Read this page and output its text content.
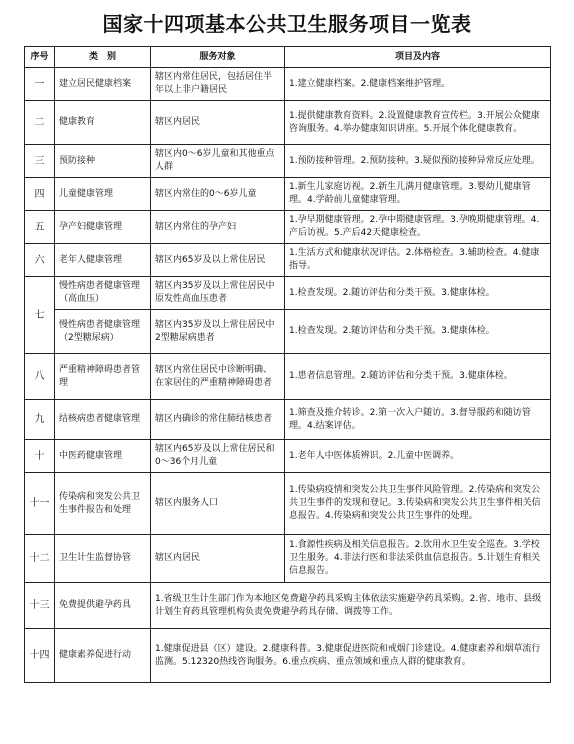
国家十四项基本公共卫生服务项目一览表
序号	类　别	服务对象	项目及内容
一	建立居民健康档案	辖区内常住居民，包括居住半年以上非户籍居民	1.建立健康档案。2.健康档案维护管理。
二	健康教育	辖区内居民	1.提供健康教育资料。2.设置健康教育宣传栏。3.开展公众健康咨询服务。4.举办健康知识讲座。5.开展个体化健康教育。
三	预防接种	辖区内0～6岁儿童和其他重点人群	1.预防接种管理。2.预防接种。3.疑似预防接种异常反应处理。
四	儿童健康管理	辖区内常住的0～6岁儿童	1.新生儿家庭访视。2.新生儿满月健康管理。3.婴幼儿健康管理。4.学龄前儿童健康管理。
五	孕产妇健康管理	辖区内常住的孕产妇	1.孕早期健康管理。2.孕中期健康管理。3.孕晚期健康管理。4.产后访视。5.产后42天健康检查。
六	老年人健康管理	辖区内65岁及以上常住居民	1.生活方式和健康状况评估。2.体格检查。3.辅助检查。4.健康指导。
七	慢性病患者健康管理（高血压）	辖区内35岁及以上常住居民中原发性高血压患者	1.检查发现。2.随访评估和分类干预。3.健康体检。
	慢性病患者健康管理（2型糖尿病）	辖区内35岁及以上常住居民中2型糖尿病患者	1.检查发现。2.随访评估和分类干预。3.健康体检。
八	严重精神障碍患者管理	辖区内常住居民中诊断明确、在家居住的严重精神障碍患者	1.患者信息管理。2.随访评估和分类干预。3.健康体检。
九	结核病患者健康管理	辖区内确诊的常住肺结核患者	1.筛查及推介转诊。2.第一次入户随访。3.督导服药和随访管理。4.结案评估。
十	中医药健康管理	辖区内65岁及以上常住居民和0～36个月儿童	1.老年人中医体质辨识。2.儿童中医调养。
十一	传染病和突发公共卫生事件报告和处理	辖区内服务人口	1.传染病疫情和突发公共卫生事件风险管理。2.传染病和突发公共卫生事件的发现和登记。3.传染病和突发公共卫生事件相关信息报告。4.传染病和突发公共卫生事件的处理。
十二	卫生计生监督协管	辖区内居民	1.食源性疾病及相关信息报告。2.饮用水卫生安全巡查。3.学校卫生服务。4.非法行医和非法采供血信息报告。5.计划生育相关信息报告。
十三	免费提供避孕药具	1.省级卫生计生部门作为本地区免费避孕药具采购主体依法实施避孕药具采购。2.省、地市、县级计划生育药具管理机构负责免费避孕药具存储、调拨等工作。	
十四	健康素养促进行动	1.健康促进县（区）建设。2.健康科普。3.健康促进医院和戒烟门诊建设。4.健康素养和烟草流行监测。5.12320热线咨询服务。6.重点疾病、重点领域和重点人群的健康教育。	
